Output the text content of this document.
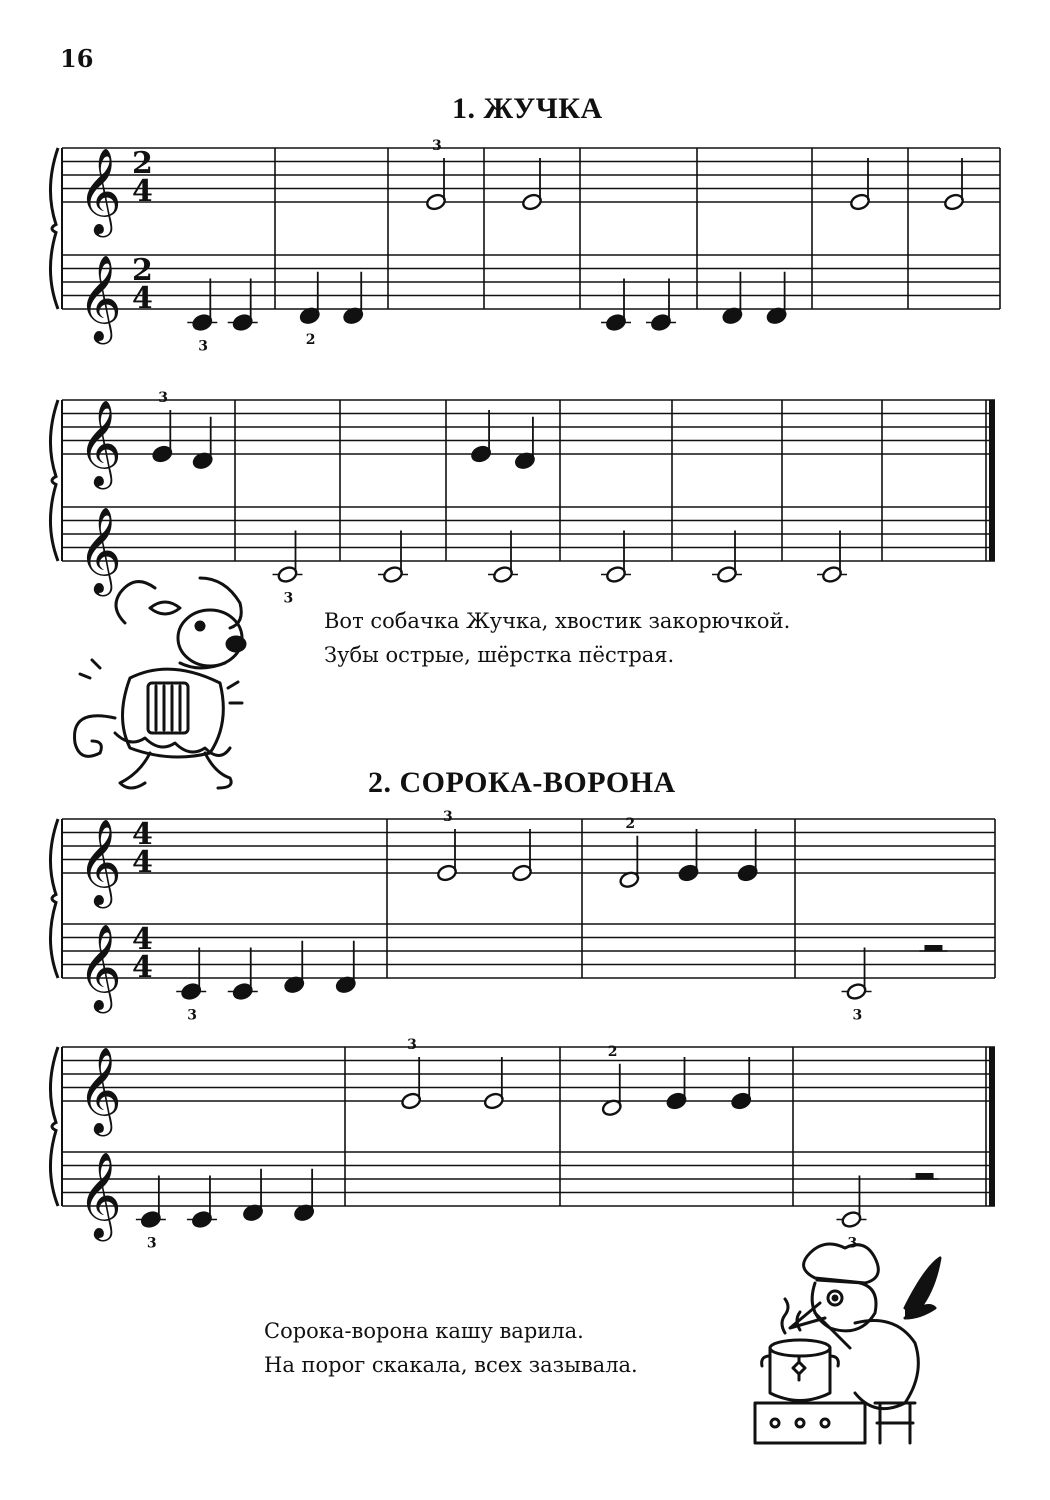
16
1. ЖУЧКА
2. СОРОКА-ВОРОНА
𝄞 2
4
𝄞 2
4
3
3	2
𝄞
𝄞
3
3
𝄞 4
4
𝄞 4
4
3	2
3	3
𝄞
𝄞
3	2
3	3
Вот собачка Жучка, хвостик закорючкой.
Зубы острые, шёрстка пёстрая.
Сорока-ворона кашу варила.
На порог скакала, всех зазывала.
